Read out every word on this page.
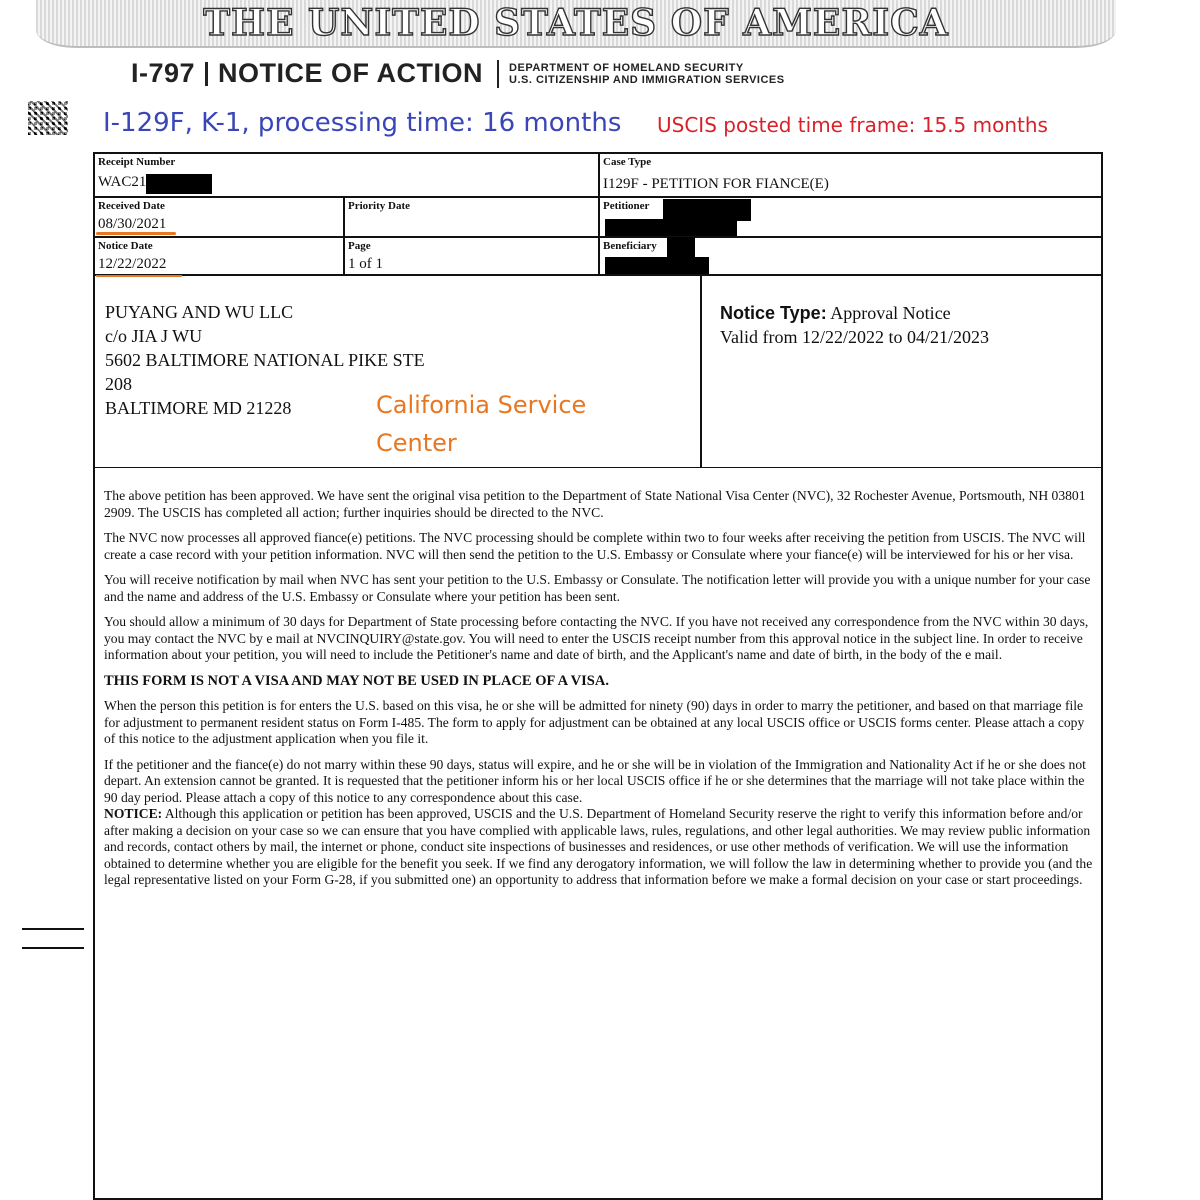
THE UNITED STATES OF AMERICA
I-797 NOTICE OF ACTION DEPARTMENT OF HOMELAND SECURITY
U.S. CITIZENSHIP AND IMMIGRATION SERVICES
I-129F, K-1, processing time: 16 months USCIS posted time frame: 15.5 months
Receipt Number
WAC21
Case Type
I129F - PETITION FOR FIANCE(E)
Received Date
08/30/2021
Priority Date	Petitioner
Notice Date
12/22/2022
Page
1 of 1
Beneficiary
PUYANG AND WU LLC
c/o JIA J WU
5602 BALTIMORE NATIONAL PIKE STE
208
BALTIMORE MD 21228	California Service Center
Notice Type: Approval Notice
Valid from 12/22/2022 to 04/21/2023

The above petition has been approved. We have sent the original visa petition to the Department of State National Visa Center (NVC), 32 Rochester Avenue, Portsmouth, NH 03801 2909. The USCIS has completed all action; further inquiries should be directed to the NVC.

The NVC now processes all approved fiance(e) petitions. The NVC processing should be complete within two to four weeks after receiving the petition from USCIS. The NVC will create a case record with your petition information. NVC will then send the petition to the U.S. Embassy or Consulate where your fiance(e) will be interviewed for his or her visa.

You will receive notification by mail when NVC has sent your petition to the U.S. Embassy or Consulate. The notification letter will provide you with a unique number for your case and the name and address of the U.S. Embassy or Consulate where your petition has been sent.

You should allow a minimum of 30 days for Department of State processing before contacting the NVC. If you have not received any correspondence from the NVC within 30 days, you may contact the NVC by e mail at NVCINQUIRY@state.gov. You will need to enter the USCIS receipt number from this approval notice in the subject line. In order to receive information about your petition, you will need to include the Petitioner's name and date of birth, and the Applicant's name and date of birth, in the body of the e mail.

THIS FORM IS NOT A VISA AND MAY NOT BE USED IN PLACE OF A VISA.

When the person this petition is for enters the U.S. based on this visa, he or she will be admitted for ninety (90) days in order to marry the petitioner, and based on that marriage file for adjustment to permanent resident status on Form I-485. The form to apply for adjustment can be obtained at any local USCIS office or USCIS forms center. Please attach a copy of this notice to the adjustment application when you file it.

If the petitioner and the fiance(e) do not marry within these 90 days, status will expire, and he or she will be in violation of the Immigration and Nationality Act if he or she does not depart. An extension cannot be granted. It is requested that the petitioner inform his or her local USCIS office if he or she determines that the marriage will not take place within the 90 day period. Please attach a copy of this notice to any correspondence about this case.

NOTICE: Although this application or petition has been approved, USCIS and the U.S. Department of Homeland Security reserve the right to verify this information before and/or after making a decision on your case so we can ensure that you have complied with applicable laws, rules, regulations, and other legal authorities. We may review public information and records, contact others by mail, the internet or phone, conduct site inspections of businesses and residences, or use other methods of verification. We will use the information obtained to determine whether you are eligible for the benefit you seek. If we find any derogatory information, we will follow the law in determining whether to provide you (and the legal representative listed on your Form G-28, if you submitted one) an opportunity to address that information before we make a formal decision on your case or start proceedings.
